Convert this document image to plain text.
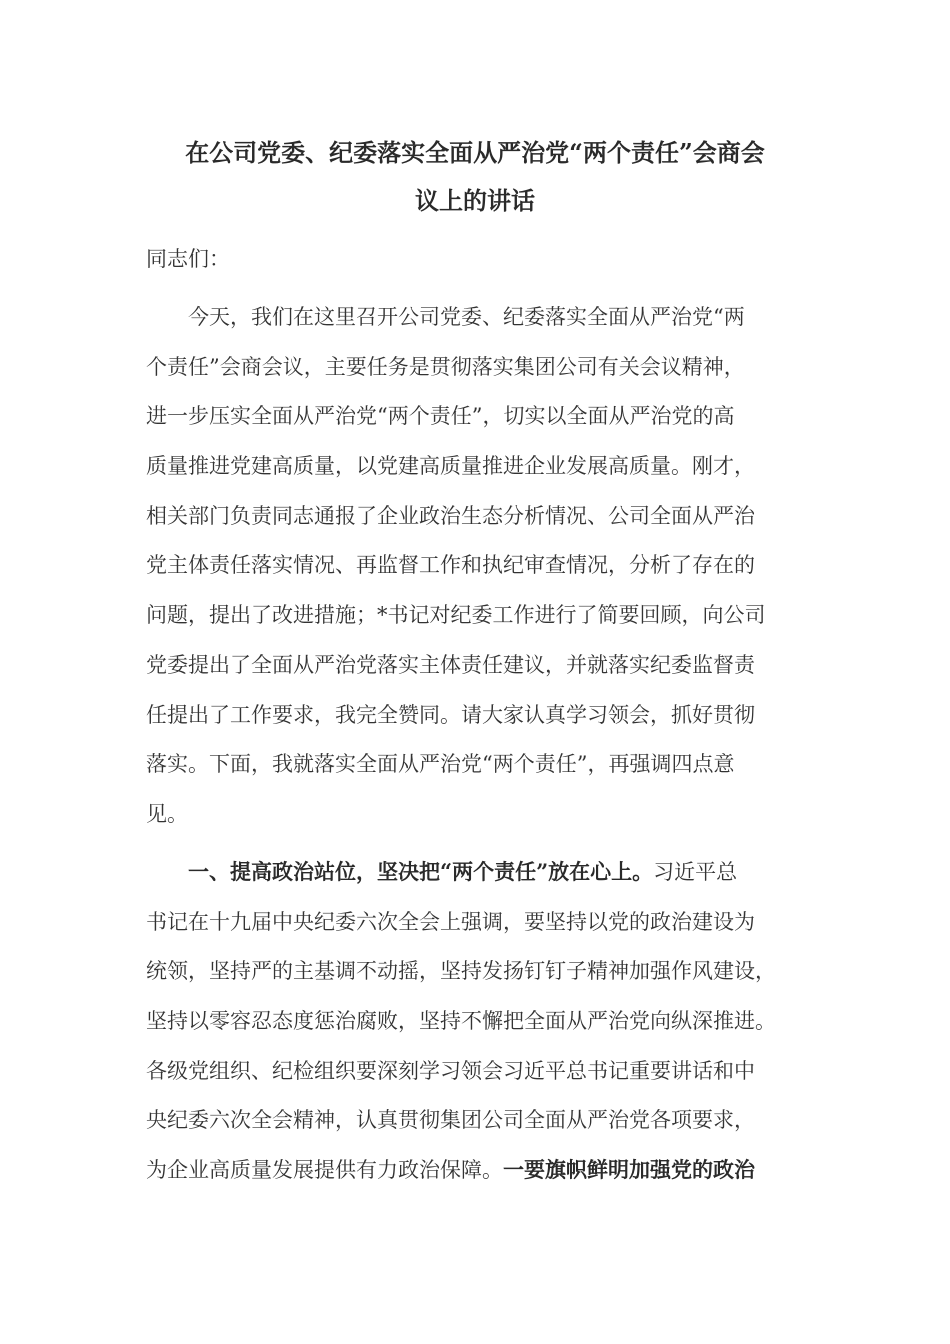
在公司党委、纪委落实全面从严治党“两个责任”会商会
议上的讲话
同志们：
今天，我们在这里召开公司党委、纪委落实全面从严治党“两
个责任”会商会议，主要任务是贯彻落实集团公司有关会议精神，
进一步压实全面从严治党“两个责任”，切实以全面从严治党的高
质量推进党建高质量，以党建高质量推进企业发展高质量。刚才，
相关部门负责同志通报了企业政治生态分析情况、公司全面从严治
党主体责任落实情况、再监督工作和执纪审查情况，分析了存在的
问题，提出了改进措施；*书记对纪委工作进行了简要回顾，向公司
党委提出了全面从严治党落实主体责任建议，并就落实纪委监督责
任提出了工作要求，我完全赞同。请大家认真学习领会，抓好贯彻
落实。下面，我就落实全面从严治党“两个责任”，再强调四点意
见。
一、提高政治站位，坚决把“两个责任”放在心上。习近平总
书记在十九届中央纪委六次全会上强调，要坚持以党的政治建设为
统领，坚持严的主基调不动摇，坚持发扬钉钉子精神加强作风建设，
坚持以零容忍态度惩治腐败，坚持不懈把全面从严治党向纵深推进。
各级党组织、纪检组织要深刻学习领会习近平总书记重要讲话和中
央纪委六次全会精神，认真贯彻集团公司全面从严治党各项要求，
为企业高质量发展提供有力政治保障。一要旗帜鲜明加强党的政治
